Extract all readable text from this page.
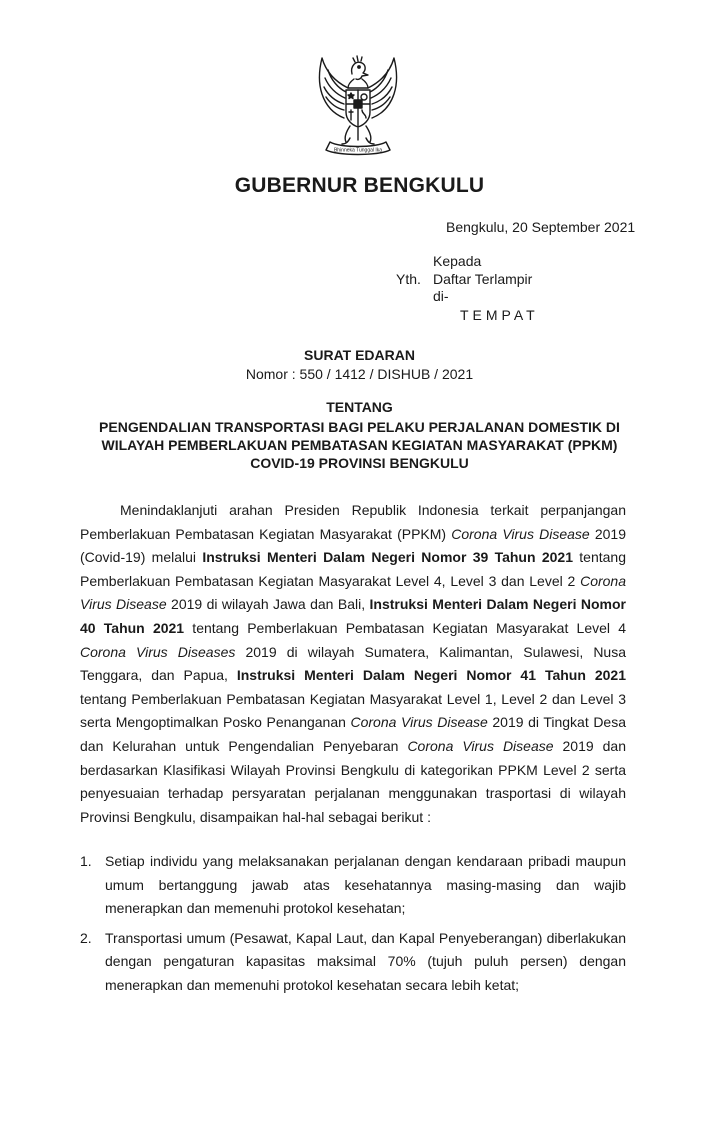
Bhinneka Tunggal Ika
GUBERNUR BENGKULU
Bengkulu, 20 September 2021
Kepada
Yth. Daftar Terlampir
di-
TEMPAT
SURAT EDARAN
Nomor : 550 / 1412 / DISHUB / 2021
TENTANG
PENGENDALIAN TRANSPORTASI BAGI PELAKU PERJALANAN DOMESTIK DI
WILAYAH PEMBERLAKUAN PEMBATASAN KEGIATAN MASYARAKAT (PPKM)
COVID-19 PROVINSI BENGKULU
Menindaklanjuti arahan Presiden Republik Indonesia terkait perpanjangan Pemberlakuan Pembatasan Kegiatan Masyarakat (PPKM) Corona Virus Disease 2019 (Covid-19) melalui Instruksi Menteri Dalam Negeri Nomor 39 Tahun 2021 tentang Pemberlakuan Pembatasan Kegiatan Masyarakat Level 4, Level 3 dan Level 2 Corona Virus Disease 2019 di wilayah Jawa dan Bali, Instruksi Menteri Dalam Negeri Nomor 40 Tahun 2021 tentang Pemberlakuan Pembatasan Kegiatan Masyarakat Level 4 Corona Virus Diseases 2019 di wilayah Sumatera, Kalimantan, Sulawesi, Nusa Tenggara, dan Papua, Instruksi Menteri Dalam Negeri Nomor 41 Tahun 2021 tentang Pemberlakuan Pembatasan Kegiatan Masyarakat Level 1, Level 2 dan Level 3 serta Mengoptimalkan Posko Penanganan Corona Virus Disease 2019 di Tingkat Desa dan Kelurahan untuk Pengendalian Penyebaran Corona Virus Disease 2019 dan berdasarkan Klasifikasi Wilayah Provinsi Bengkulu di kategorikan PPKM Level 2 serta penyesuaian terhadap persyaratan perjalanan menggunakan trasportasi di wilayah Provinsi Bengkulu, disampaikan hal-hal sebagai berikut :
1. Setiap individu yang melaksanakan perjalanan dengan kendaraan pribadi maupun umum bertanggung jawab atas kesehatannya masing-masing dan wajib menerapkan dan memenuhi protokol kesehatan;
2. Transportasi umum (Pesawat, Kapal Laut, dan Kapal Penyeberangan) diberlakukan dengan pengaturan kapasitas maksimal 70% (tujuh puluh persen) dengan menerapkan dan memenuhi protokol kesehatan secara lebih ketat;
